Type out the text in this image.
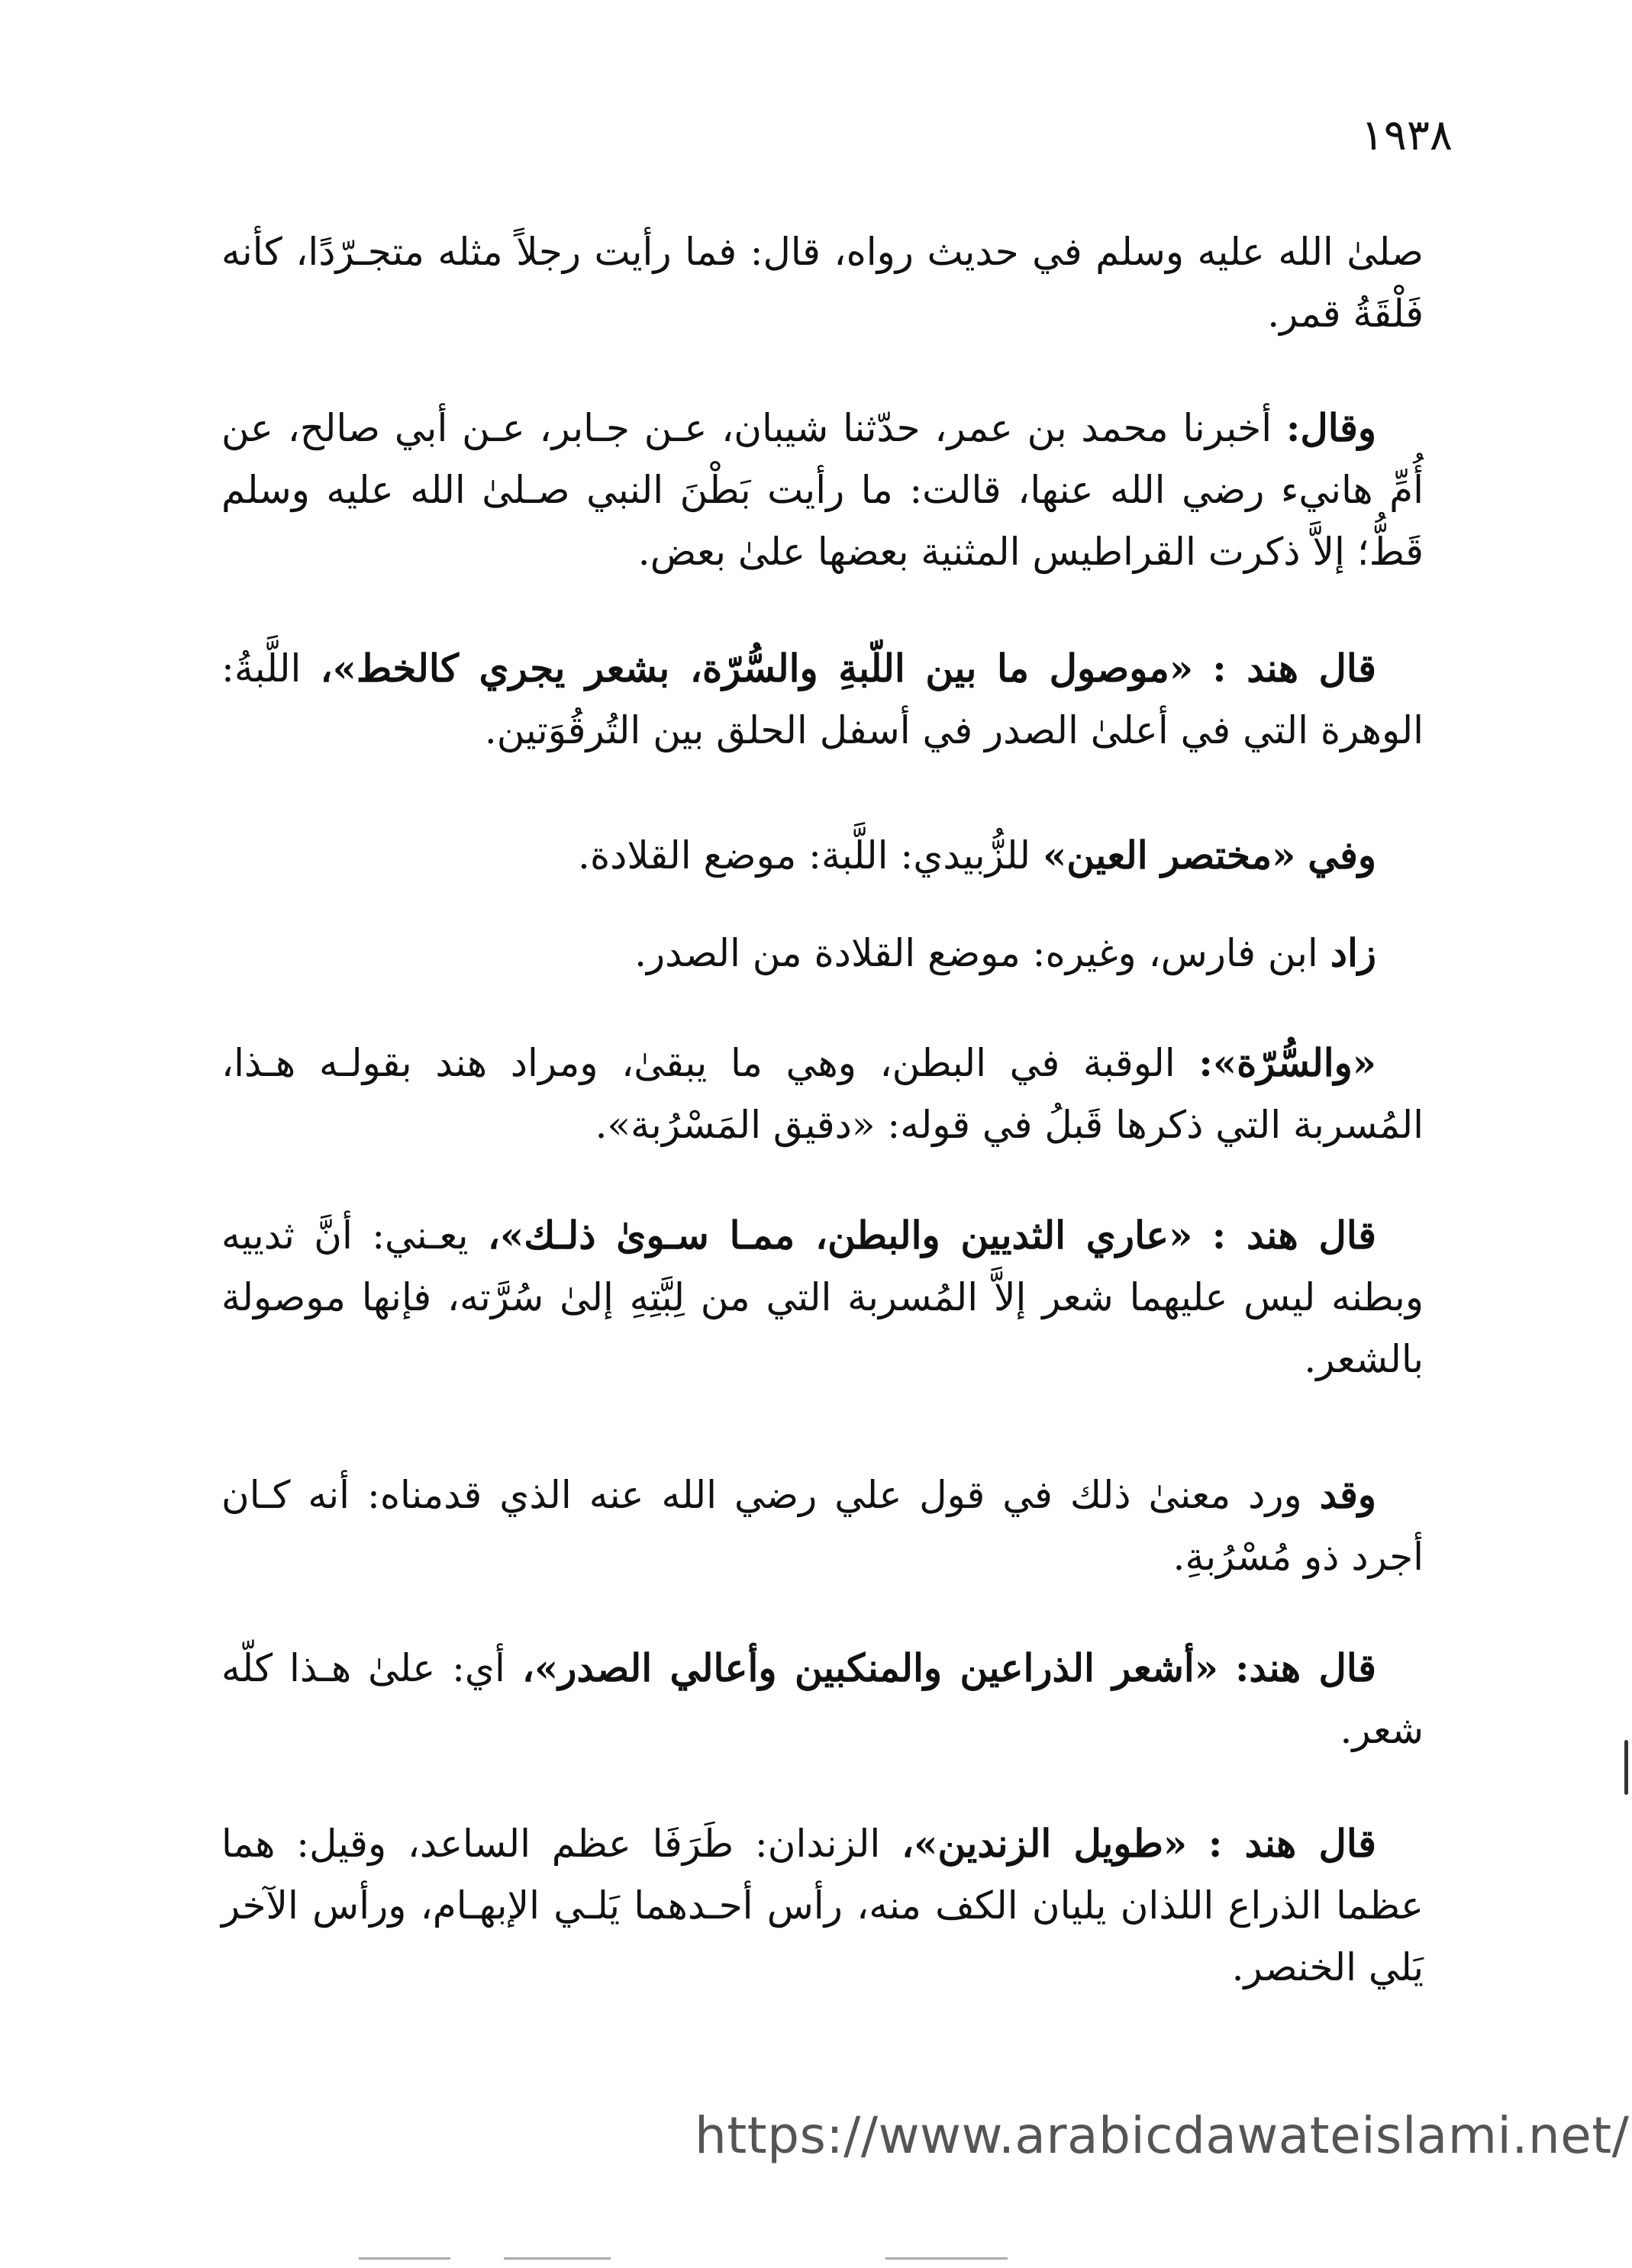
١٩٣٨

صلىٰ الله عليه وسلم في حديث رواه، قال: فما رأيت رجلاً مثله متجـرّدًا، كأنه فَلْقَةُ قمر.

وقال: أخبرنا محمد بن عمر، حدّثنا شيبان، عـن جـابر، عـن أبي صالح، عن أُمِّ هانيء رضي الله عنها، قالت: ما رأيت بَطْنَ النبي صـلىٰ الله عليه وسلم قَطُّ؛ إلاَّ ذكرت القراطيس المثنية بعضها علىٰ بعض.

قال هند : «موصول ما بين اللّبةِ والسُّرّة، بشعر يجري كالخط»، اللَّبةُ: الوهرة التي في أعلىٰ الصدر في أسفل الحلق بين التُرقُوَتين.

وفي «مختصر العين» للزُّبيدي: اللَّبة: موضع القلادة.

زاد ابن فارس، وغيره: موضع القلادة من الصدر.

«والسُّرّة»: الوقبة في البطن، وهي ما يبقىٰ، ومراد هند بقولـه هـذا، المُسربة التي ذكرها قَبلُ في قوله: «دقيق المَسْرُبة».

قال هند : «عاري الثديين والبطن، ممـا سـوىٰ ذلـك»، يعـني: أنَّ ثدييه وبطنه ليس عليهما شعر إلاَّ المُسربة التي من لِبَّتِهِ إلىٰ سُرَّته، فإنها موصولة بالشعر.

وقد ورد معنىٰ ذلك في قول علي رضي الله عنه الذي قدمناه: أنه كـان أجرد ذو مُسْرُبةِ.

قال هند: «أشعر الذراعين والمنكبين وأعالي الصدر»، أي: علىٰ هـذا كلّه شعر.

قال هند : «طويل الزندين»، الزندان: طَرَفَا عظم الساعد، وقيل: هما عظما الذراع اللذان يليان الكف منه، رأس أحـدهما يَلـي الإبهـام، ورأس الآخر يَلي الخنصر.

https://www.arabicdawateislami.net/
